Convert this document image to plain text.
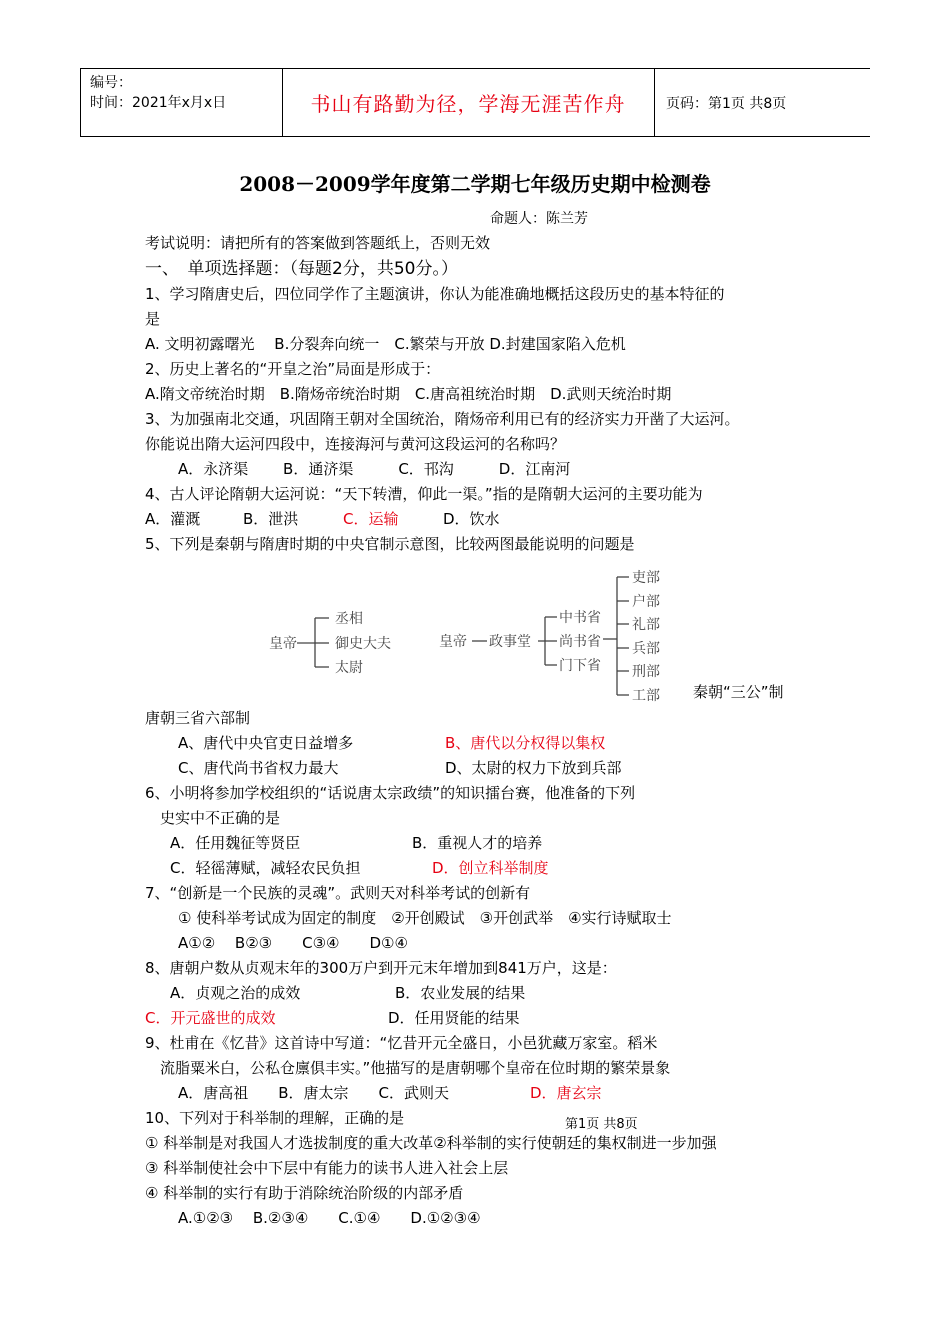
编号：
时间：2021年x月x日	书山有路勤为径，学海无涯苦作舟	页码：第1页 共8页
2008－2009学年度第二学期七年级历史期中检测卷
命题人：陈兰芳
考试说明：请把所有的答案做到答题纸上，否则无效
一、　单项选择题：（每题2分，共50分。）
1、学习隋唐史后，四位同学作了主题演讲，你认为能准确地概括这段历史的基本特征的
是
A. 文明初露曙光　 B.分裂奔向统一　C.繁荣与开放 D.封建国家陷入危机
2、历史上著名的“开皇之治”局面是形成于：
A.隋文帝统治时期　B.隋炀帝统治时期　C.唐高祖统治时期　D.武则天统治时期
3、为加强南北交通，巩固隋王朝对全国统治，隋炀帝利用已有的经济实力开凿了大运河。
你能说出隋大运河四段中，连接海河与黄河这段运河的名称吗？
A．永济渠　　 B．通济渠　　　C．邗沟　　　D．江南河
4、古人评论隋朝大运河说：“天下转漕，仰此一渠。”指的是隋朝大运河的主要功能为
A．灌溉	B．泄洪	C．运输	D．饮水
5、下列是秦朝与隋唐时期的中央官制示意图，比较两图最能说明的问题是
皇帝
丞相
御史大夫
太尉
皇帝 政事堂
中书省
尚书省
门下省
吏部
户部
礼部
兵部
刑部
工部 秦朝“三公”制
唐朝三省六部制
A、唐代中央官吏日益增多	B、唐代以分权得以集权
C、唐代尚书省权力最大	D、太尉的权力下放到兵部
6、小明将参加学校组织的“话说唐太宗政绩”的知识擂台赛，他准备的下列
史实中不正确的是
A．任用魏征等贤臣	B．重视人才的培养
C．轻徭薄赋，减轻农民负担	D．创立科举制度
7、“创新是一个民族的灵魂”。武则天对科举考试的创新有
① 使科举考试成为固定的制度　②开创殿试　③开创武举　④实行诗赋取士
A①②　 B②③　　C③④　　D①④
8、唐朝户数从贞观末年的300万户到开元末年增加到841万户，这是：
A．贞观之治的成效	B．农业发展的结果
C．开元盛世的成效	D．任用贤能的结果
9、杜甫在《忆昔》这首诗中写道：“忆昔开元全盛日，小邑犹藏万家室。稻米
流脂粟米白，公私仓廪俱丰实。”他描写的是唐朝哪个皇帝在位时期的繁荣景象
A．唐高祖　　B．唐太宗　　C．武则天	D．唐玄宗
10、下列对于科举制的理解，正确的是	第1页 共8页
① 科举制是对我国人才选拔制度的重大改革②科举制的实行使朝廷的集权制进一步加强
③ 科举制使社会中下层中有能力的读书人进入社会上层
④ 科举制的实行有助于消除统治阶级的内部矛盾
A.①②③　 B.②③④　　C.①④　　D.①②③④
